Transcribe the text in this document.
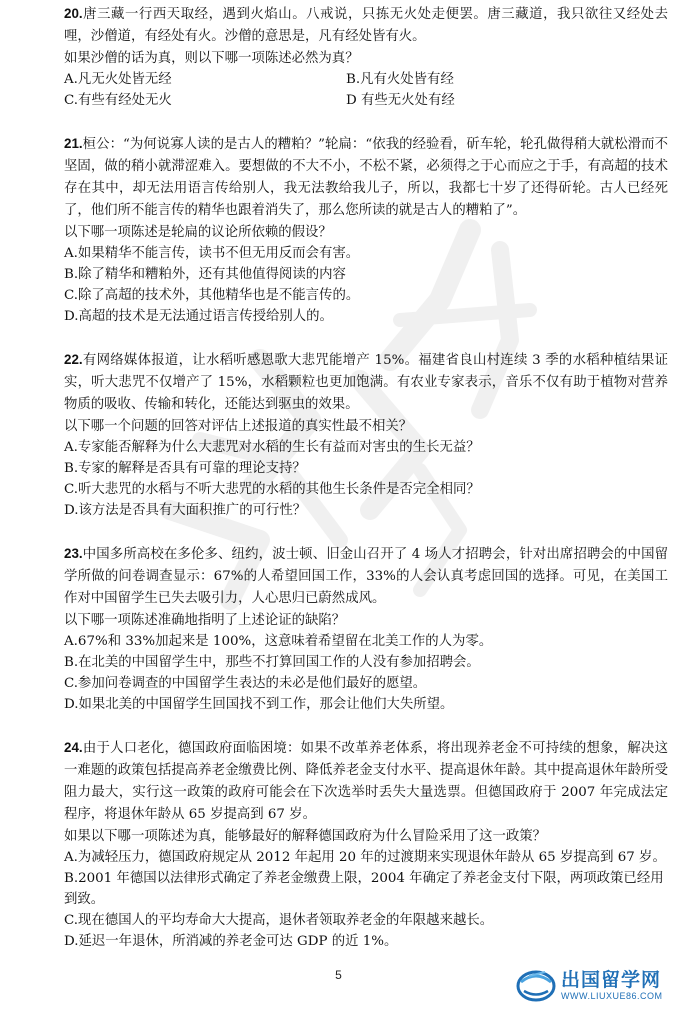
20.唐三藏一行西天取经，遇到火焰山。八戒说，只拣无火处走便罢。唐三藏道，我只欲往又经处去哩，沙僧道，有经处有火。沙僧的意思是，凡有经处皆有火。

如果沙僧的话为真，则以下哪一项陈述必然为真？

A.凡无火处皆无经	B.凡有火处皆有经

C.有些有经处无火	D 有些无火处有经

21.桓公：“为何说寡人读的是古人的糟粕？”轮扁：“依我的经验看，斫车轮，轮孔做得稍大就松滑而不坚固，做的稍小就滞涩难入。要想做的不大不小，不松不紧，必须得之于心而应之于手，有高超的技术存在其中，却无法用语言传给别人，我无法教给我儿子，所以，我都七十岁了还得斫轮。古人已经死了，他们所不能言传的精华也跟着消失了，那么您所读的就是古人的糟粕了”。

以下哪一项陈述是轮扁的议论所依赖的假设？

A.如果精华不能言传，读书不但无用反而会有害。

B.除了精华和糟粕外，还有其他值得阅读的内容

C.除了高超的技术外，其他精华也是不能言传的。

D.高超的技术是无法通过语言传授给别人的。

22.有网络媒体报道，让水稻听感恩歌大悲咒能增产 15%。福建省良山村连续 3 季的水稻种植结果证实，听大悲咒不仅增产了 15%，水稻颗粒也更加饱满。有农业专家表示，音乐不仅有助于植物对营养物质的吸收、传输和转化，还能达到驱虫的效果。

以下哪一个问题的回答对评估上述报道的真实性最不相关？

A.专家能否解释为什么大悲咒对水稻的生长有益而对害虫的生长无益？

B.专家的解释是否具有可靠的理论支持？

C.听大悲咒的水稻与不听大悲咒的水稻的其他生长条件是否完全相同？

D.该方法是否具有大面积推广的可行性？

23.中国多所高校在多伦多、纽约，波士顿、旧金山召开了 4 场人才招聘会，针对出席招聘会的中国留学所做的问卷调查显示：67%的人希望回国工作，33%的人会认真考虑回国的选择。可见，在美国工作对中国留学生已失去吸引力，人心思归已蔚然成风。

以下哪一项陈述准确地指明了上述论证的缺陷？

A.67%和 33%加起来是 100%，这意味着希望留在北美工作的人为零。

B.在北美的中国留学生中，那些不打算回国工作的人没有参加招聘会。

C.参加问卷调查的中国留学生表达的未必是他们最好的愿望。

D.如果北美的中国留学生回国找不到工作，那会让他们大失所望。

24.由于人口老化，德国政府面临困境：如果不改革养老体系，将出现养老金不可持续的想象，解决这一难题的政策包括提高养老金缴费比例、降低养老金支付水平、提高退休年龄。其中提高退休年龄所受阻力最大，实行这一政策的政府可能会在下次选举时丢失大量选票。但德国政府于 2007 年完成法定程序，将退休年龄从 65 岁提高到 67 岁。

如果以下哪一项陈述为真，能够最好的解释德国政府为什么冒险采用了这一政策？

A.为减轻压力，德国政府规定从 2012 年起用 20 年的过渡期来实现退休年龄从 65 岁提高到 67 岁。

B.2001 年德国以法律形式确定了养老金缴费上限，2004 年确定了养老金支付下限，两项政策已经用到致。

C.现在德国人的平均寿命大大提高，退休者领取养老金的年限越来越长。

D.延迟一年退休，所消减的养老金可达 GDP 的近 1%。

5	出国留学网
WWW.LIUXUE86.COM
